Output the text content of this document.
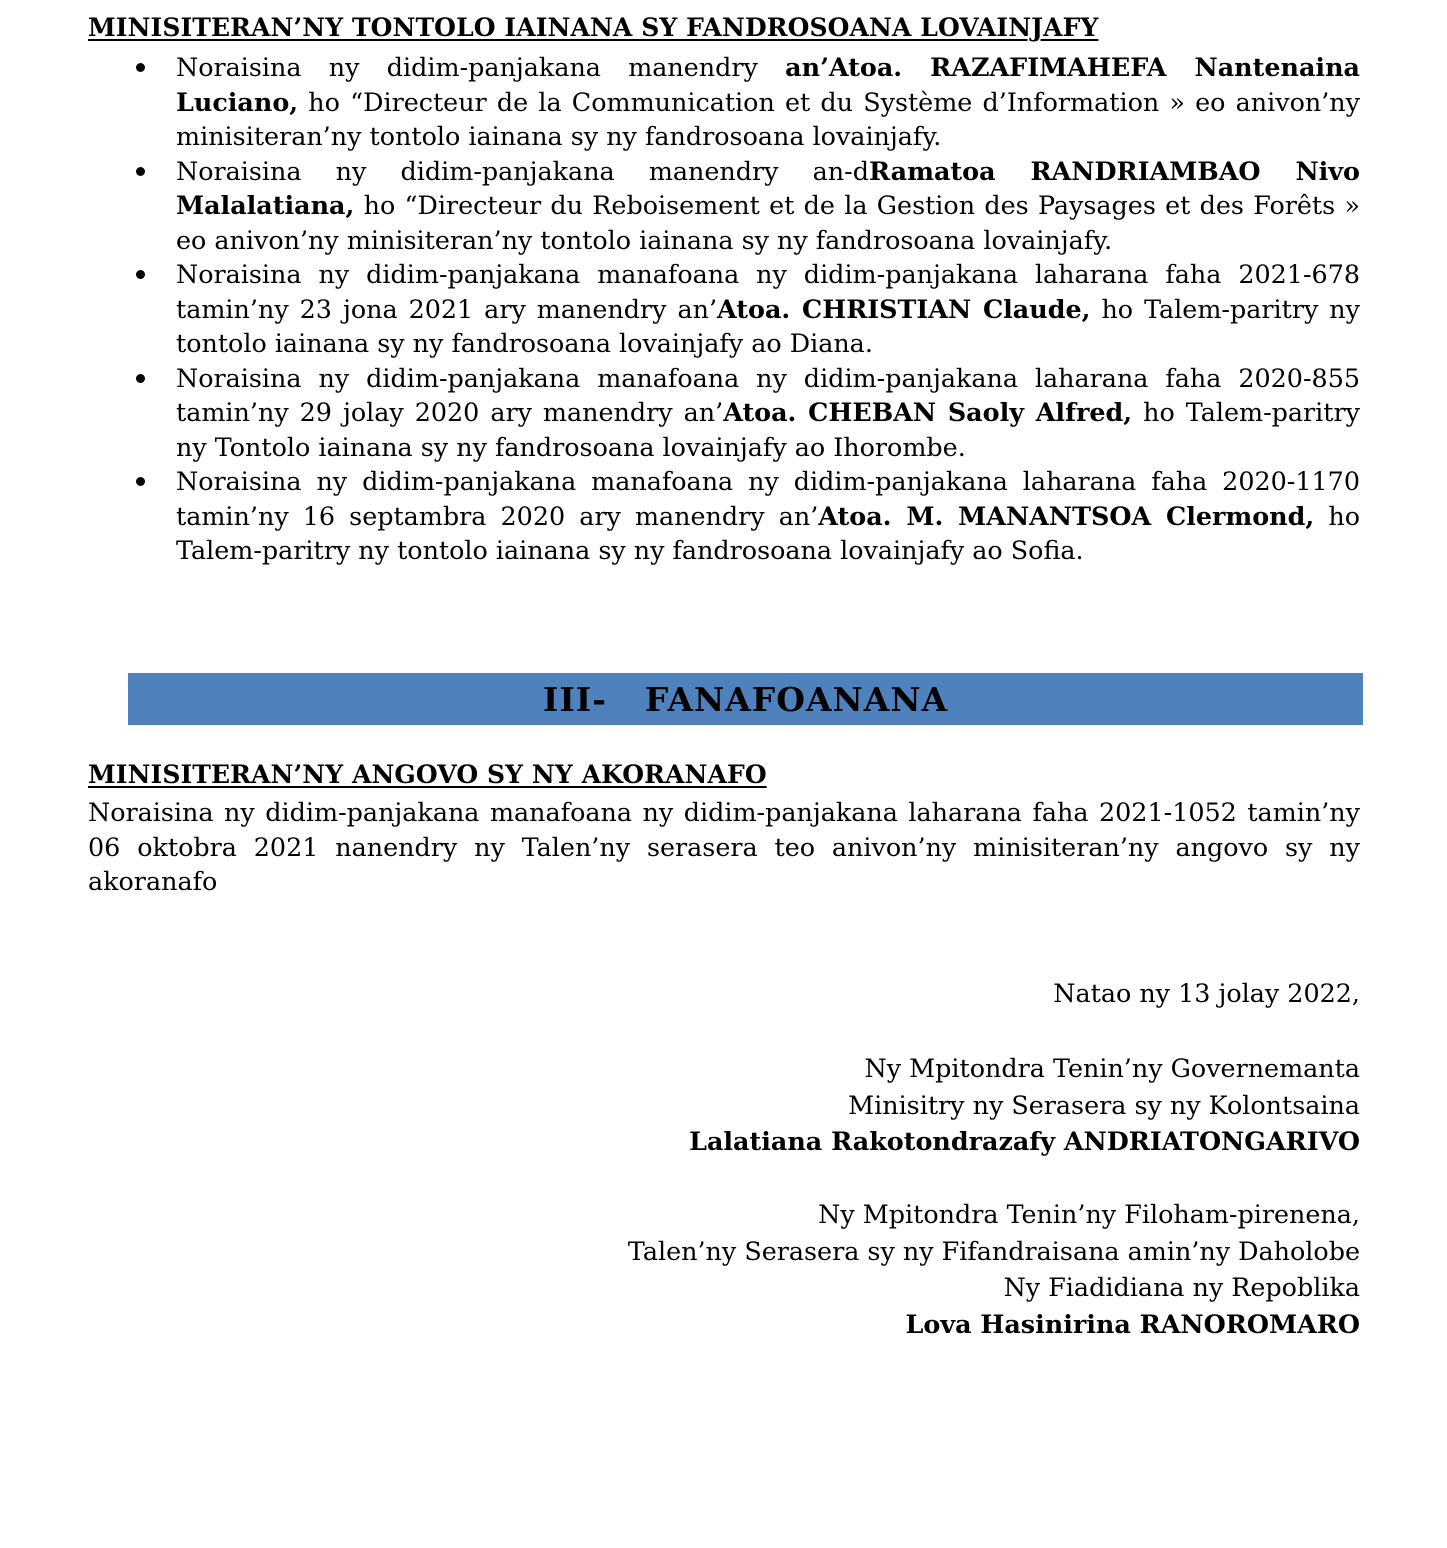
MINISITERAN’NY TONTOLO IAINANA SY FANDROSOANA LOVAINJAFY
Noraisina ny didim-panjakana manendry an’Atoa. RAZAFIMAHEFA Nantenaina Luciano, ho “Directeur de la Communication et du Système d’Information » eo anivon’ny minisiteran’ny tontolo iainana sy ny fandrosoana lovainjafy.
Noraisina ny didim-panjakana manendry an-dRamatoa RANDRIAMBAO Nivo Malalatiana, ho “Directeur du Reboisement et de la Gestion des Paysages et des Forêts » eo anivon’ny minisiteran’ny tontolo iainana sy ny fandrosoana lovainjafy.
Noraisina ny didim-panjakana manafoana ny didim-panjakana laharana faha 2021-678 tamin’ny 23 jona 2021 ary manendry an’Atoa. CHRISTIAN Claude, ho Talem-paritry ny tontolo iainana sy ny fandrosoana lovainjafy ao Diana.
Noraisina ny didim-panjakana manafoana ny didim-panjakana laharana faha 2020-855 tamin’ny 29 jolay 2020 ary manendry an’Atoa. CHEBAN Saoly Alfred, ho Talem-paritry ny Tontolo iainana sy ny fandrosoana lovainjafy ao Ihorombe.
Noraisina ny didim-panjakana manafoana ny didim-panjakana laharana faha 2020-1170 tamin’ny 16 septambra 2020 ary manendry an’Atoa. M. MANANTSOA Clermond, ho Talem-paritry ny tontolo iainana sy ny fandrosoana lovainjafy ao Sofia.
III- FANAFOANANA
MINISITERAN’NY ANGOVO SY NY AKORANAFO

Noraisina ny didim-panjakana manafoana ny didim-panjakana laharana faha 2021-1052 tamin’ny 06 oktobra 2021 nanendry ny Talen’ny serasera teo anivon’ny minisiteran’ny angovo sy ny akoranafo

Natao ny 13 jolay 2022,
Ny Mpitondra Tenin’ny Governemanta
Minisitry ny Serasera sy ny Kolontsaina
Lalatiana Rakotondrazafy ANDRIATONGARIVO
Ny Mpitondra Tenin’ny Filoham-pirenena,
Talen’ny Serasera sy ny Fifandraisana amin’ny Daholobe
Ny Fiadidiana ny Repoblika
Lova Hasinirina RANOROMARO
